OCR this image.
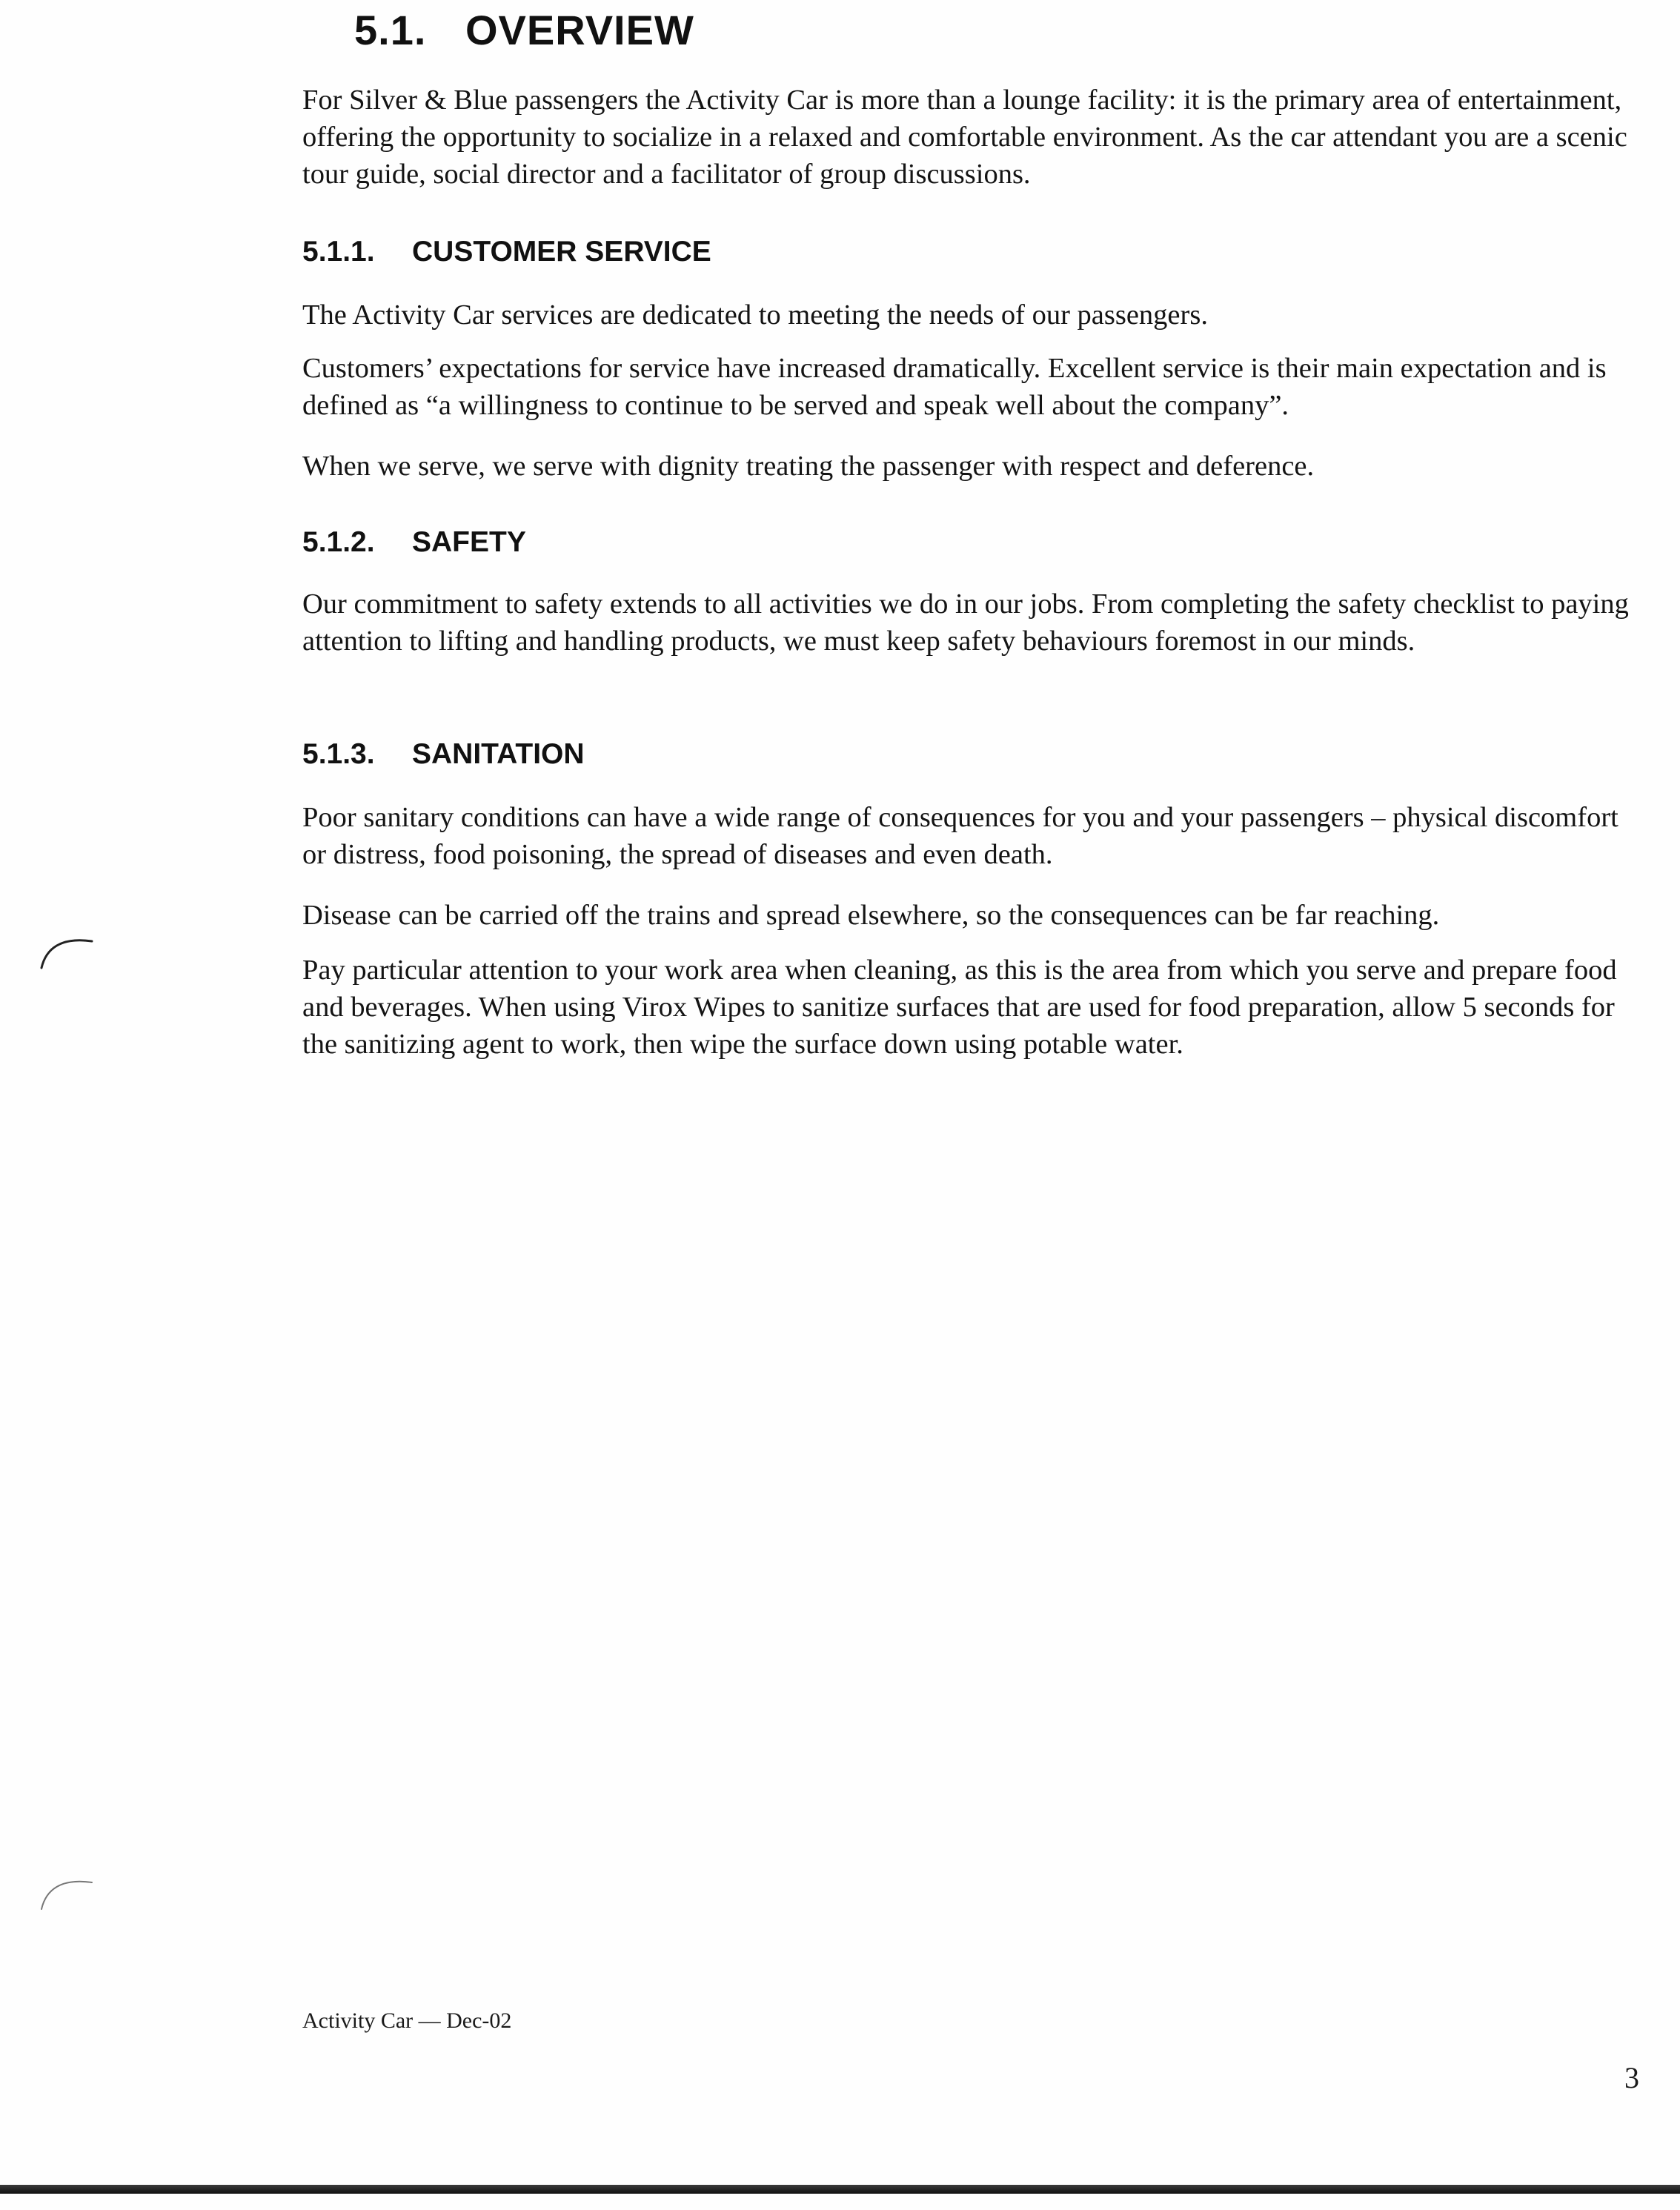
5.1. OVERVIEW

For Silver & Blue passengers the Activity Car is more than a lounge facility: it is the primary area of entertainment, offering the opportunity to socialize in a relaxed and comfortable environment. As the car attendant you are a scenic tour guide, social director and a facilitator of group discussions.

5.1.1. CUSTOMER SERVICE

The Activity Car services are dedicated to meeting the needs of our passengers.

Customers’ expectations for service have increased dramatically. Excellent service is their main expectation and is defined as “a willingness to continue to be served and speak well about the company”.

When we serve, we serve with dignity treating the passenger with respect and deference.

5.1.2. SAFETY

Our commitment to safety extends to all activities we do in our jobs. From completing the safety checklist to paying attention to lifting and handling products, we must keep safety behaviours foremost in our minds.

5.1.3. SANITATION

Poor sanitary conditions can have a wide range of consequences for you and your passengers – physical discomfort or distress, food poisoning, the spread of diseases and even death.

Disease can be carried off the trains and spread elsewhere, so the consequences can be far reaching.

Pay particular attention to your work area when cleaning, as this is the area from which you serve and prepare food and beverages. When using Virox Wipes to sanitize surfaces that are used for food preparation, allow 5 seconds for the sanitizing agent to work, then wipe the surface down using potable water.

Activity Car — Dec-02
3
